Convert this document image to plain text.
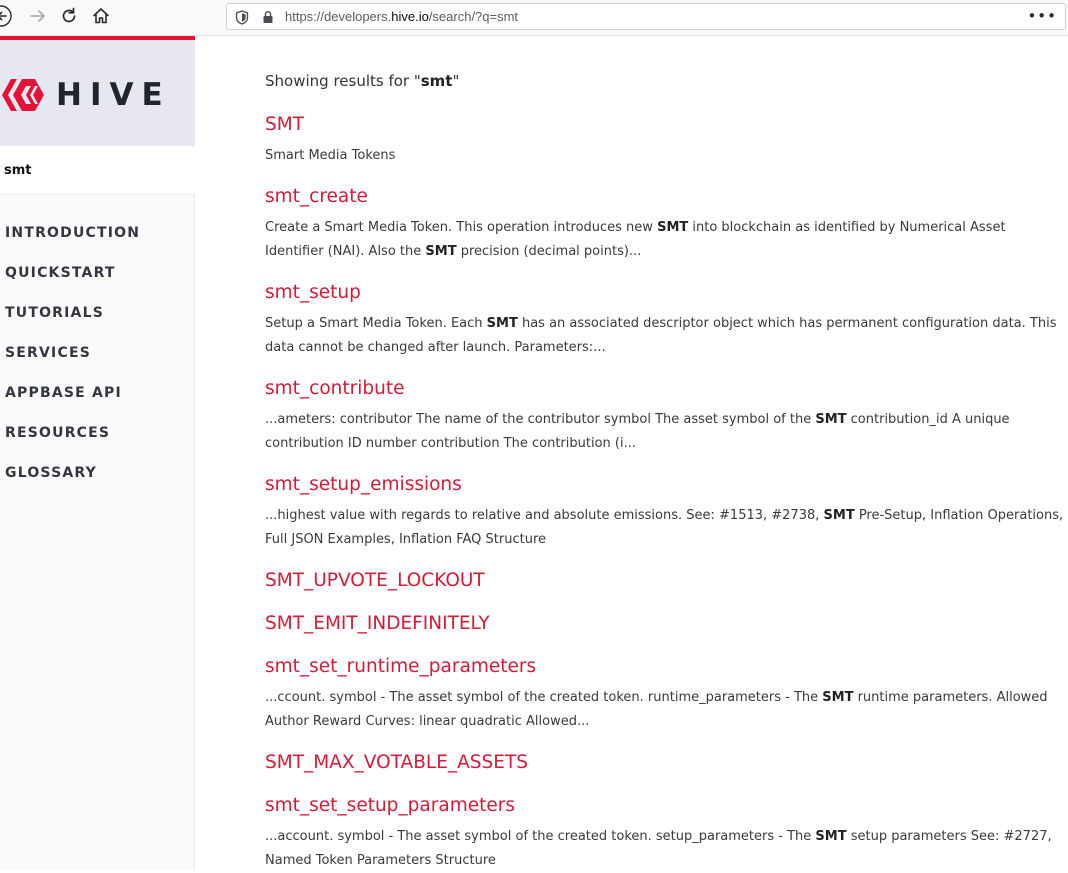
https://developers.hive.io/search/?q=smt	•••
HIVE
smt
INTRODUCTION
QUICKSTART
TUTORIALS
SERVICES
APPBASE API
RESOURCES
GLOSSARY
Showing results for "smt"
SMT
Smart Media Tokens
smt_create
Create a Smart Media Token. This operation introduces new SMT into blockchain as identified by Numerical Asset Identifier (NAI). Also the SMT precision (decimal points)...
smt_setup
Setup a Smart Media Token. Each SMT has an associated descriptor object which has permanent configuration data. This data cannot be changed after launch. Parameters:...
smt_contribute
...ameters: contributor The name of the contributor symbol The asset symbol of the SMT contribution_id A unique contribution ID number contribution The contribution (i...
smt_setup_emissions
...highest value with regards to relative and absolute emissions. See: #1513, #2738, SMT Pre-Setup, Inflation Operations, Full JSON Examples, Inflation FAQ Structure
SMT_UPVOTE_LOCKOUT
SMT_EMIT_INDEFINITELY
smt_set_runtime_parameters
...ccount. symbol - The asset symbol of the created token. runtime_parameters - The SMT runtime parameters. Allowed Author Reward Curves: linear quadratic Allowed...
SMT_MAX_VOTABLE_ASSETS
smt_set_setup_parameters
...account. symbol - The asset symbol of the created token. setup_parameters - The SMT setup parameters See: #2727, Named Token Parameters Structure
